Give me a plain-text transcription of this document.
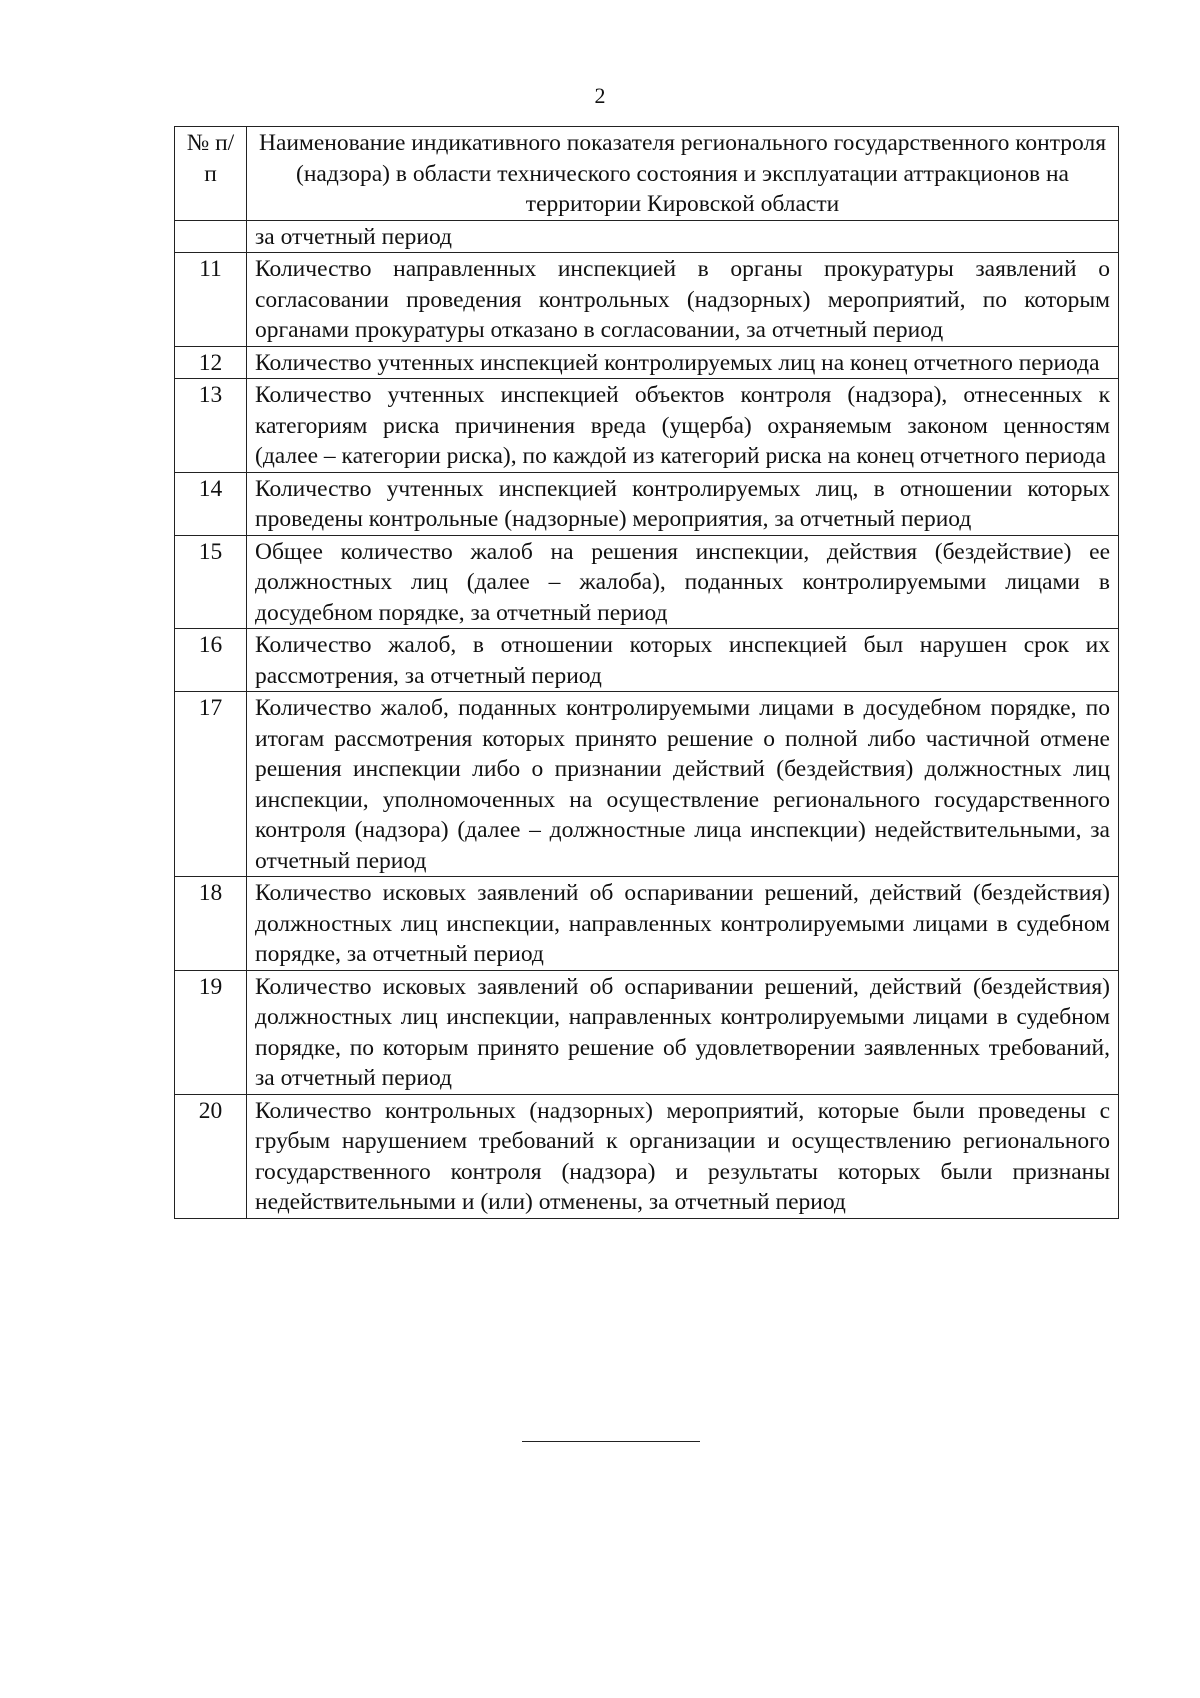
2
№ п/п	Наименование индикативного показателя регионального государственного контроля (надзора) в области технического состояния и эксплуатации аттракционов на территории Кировской области
	за отчетный период
11	Количество направленных инспекцией в органы прокуратуры заявлений о согласовании проведения контрольных (надзорных) мероприятий, по которым органами прокуратуры отказано в согласовании, за отчетный период
12	Количество учтенных инспекцией контролируемых лиц на конец отчетного периода
13	Количество учтенных инспекцией объектов контроля (надзора), отнесенных к категориям риска причинения вреда (ущерба) охраняемым законом ценностям (далее – категории риска), по каждой из категорий риска на конец отчетного периода
14	Количество учтенных инспекцией контролируемых лиц, в отношении которых проведены контрольные (надзорные) мероприятия, за отчетный период
15	Общее количество жалоб на решения инспекции, действия (бездействие) ее должностных лиц (далее – жалоба), поданных контролируемыми лицами в досудебном порядке, за отчетный период
16	Количество жалоб, в отношении которых инспекцией был нарушен срок их рассмотрения, за отчетный период
17	Количество жалоб, поданных контролируемыми лицами в досудебном порядке, по итогам рассмотрения которых принято решение о полной либо частичной отмене решения инспекции либо о признании действий (бездействия) должностных лиц инспекции, уполномоченных на осуществление регионального государственного контроля (надзора) (далее – должностные лица инспекции) недействительными, за отчетный период
18	Количество исковых заявлений об оспаривании решений, действий (бездействия) должностных лиц инспекции, направленных контролируемыми лицами в судебном порядке, за отчетный период
19	Количество исковых заявлений об оспаривании решений, действий (бездействия) должностных лиц инспекции, направленных контролируемыми лицами в судебном порядке, по которым принято решение об удовлетворении заявленных требований, за отчетный период
20	Количество контрольных (надзорных) мероприятий, которые были проведены с грубым нарушением требований к организации и осуществлению регионального государственного контроля (надзора) и результаты которых были признаны недействительными и (или) отменены, за отчетный период
